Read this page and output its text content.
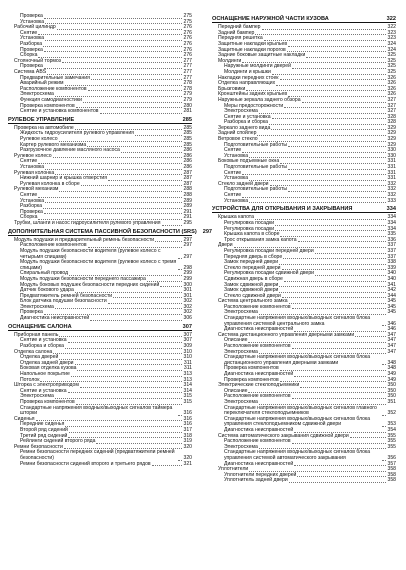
Проверка	275
Установка	275
Рабочий цилиндр	276
Снятие	276
Установка	276
Разборка	276
Проверка	276
Сборка	276
Стояночный тормоз	277
Проверка	277
Система ABS	277
Предварительные замечания	277
Аварийный режим	278
Расположение компонентов	278
Электросхема	279
Функция самодиагностики	279
Проверка компонентов	280
Снятие и установка компонентов	281
РУЛЕВОЕ УПРАВЛЕНИЕ	285
Проверка на автомобиле	285
Жидкость гидроусилителя рулевого управления	285
Рулевое колесо	285
Картер рулевого механизма	285
Разгрузочное давление масляного насоса	286
Рулевое колесо	286
Снятие	286
Установка	286
Рулевая колонка	287
Нижний шарнир и крышка отверстия	287
Рулевая колонка в сборе	287
Рулевой механизм	288
Снятие	288
Установка	289
Разборка	289
Проверка	291
Сборка	291
Трубки, шланги и насос гидроусилителя рулевого управления	295
ДОПОЛНИТЕЛЬНАЯ СИСТЕМА ПАССИВНОЙ БЕЗОПАСНОСТИ (SRS) 297
Модуль подушки и предварительный ремень безопасности	297
Расположение компонентов	297
Модуль подушки безопасности водителя (рулевое колесо с четырьмя спицами)	297
Модуль подушки безопасности водителя (рулевое колесо с тремя спицами)	298
Спиральный провод	299
Модуль подушки безопасности переднего пассажира	299
Модуль боковых подушек безопасности передних сидений	300
Датчик бокового удара	301
Предватяжитель ремней безопасности	301
Блок датчика подушки безопасности	302
Электросхема	302
Проверка	302
Диагностика неисправностей	306
ОСНАЩЕНИЕ САЛОНА	307
Приборная панель	307
Снятие и установка	307
Разборка и сборка	309
Отделка салона	310
Отделка дверей	310
Отделка задней двери	311
Боковая отделка кузова	311
Напольное покрытие	313
Потолок	313
Шторка с электроприводом	314
Снятие и установка	314
Электросхема	315
Проверка компонентов	315
Стандартные напряжения входных/выходных сигналов таймера шторки	316
Сиденья	316
Передние сиденья	316
Второй ряд сидений	317
Третий ряд сидений	318
Рейлинги сидений второго ряда	319
Ремни безопасности	320
Ремни безопасности передних сидений (предватяжители ремней безопасности)	320
Ремни безопасности сидений второго и третьего рядов	321
ОСНАЩЕНИЕ НАРУЖНОЙ ЧАСТИ КУЗОВА	322
Передний бампер	322
Задний бампер	323
Передняя решетка	323
Защитные накладки крыльев	324
Защитные накладки порогов	324
Задние боковые защитные накладки	325
Молдинги	325
Наружные молдинги дверей	325
Молдинги и крышки	325
Накладки передних стоек	326
Отделка направляющих	326
Брызговики	326
Кронштейны задних крыльев	326
Наружные зеркала заднего обзора	327
Меры предосторожности	327
Электросхема	327
Снятие и установка	328
Разборка и сборка	328
Зеркало заднего вида	329
Задний спойлер	329
Ветровое стекло	329
Подготовительные работы	329
Снятие	330
Установка	330
Боковые подъемные окна	331
Подготовительные работы	331
Снятие	331
Установка	331
Стекло задней двери	332
Подготовительные работы	332
Снятие	332
Установка	333
УСТРОЙСТВА ДЛЯ ОТКРЫВАНИЯ И ЗАКРЫВАНИЯ	334
Крышка капота	334
Регулировка посадки	334
Регулировка посадки	334
Крышка капота в сборе	335
Трос открывания замка капота	336
Двери	337
Регулировка посадки передней двери	337
Передняя дверь в сборе	337
Замок передней двери	338
Стекло передней двери	339
Регулировка посадки сдвижной двери	340
Сдвижная дверь в сборе	340
Замок сдвижной двери	341
Замок сдвижной двери	342
Стекло сдвижной двери	344
Система центрального замка	345
Расположение компонентов	345
Электросхема	345
Стандартные напряжения входных/выходных сигналов блока управления системой центрального замка	346
Диагностика неисправностей	346
Система дистанционного управления дверными замками	347
Описание	347
Расположение компонентов	347
Электросхема	347
Стандартные напряжения входных/выходных сигналов блока дистанционного управления дверными замками	348
Проверка компонентов	348
Диагностика неисправностей	349
Проверка компонентов	349
Электрические стеклоподъемники	350
Описание	350
Расположение компонентов	350
Электросхема	351
Стандартные напряжения входных/выходных сигналов главного переключателя стеклоподъемников	352
Стандартные напряжения входных/выходных сигналов блока управления стеклоподъемником сдвижной двери	353
Диагностика неисправностей	354
Система автоматического закрывания сдвижной двери	355
Расположение компонентов	355
Электросхема	355
Стандартные напряжения входных/выходных сигналов блока управления системой автоматического закрывания	356
Диагностика неисправностей	357
Уплотнители	358
Уплотнители передних дверей	358
Уплотнитель задней двери	358
